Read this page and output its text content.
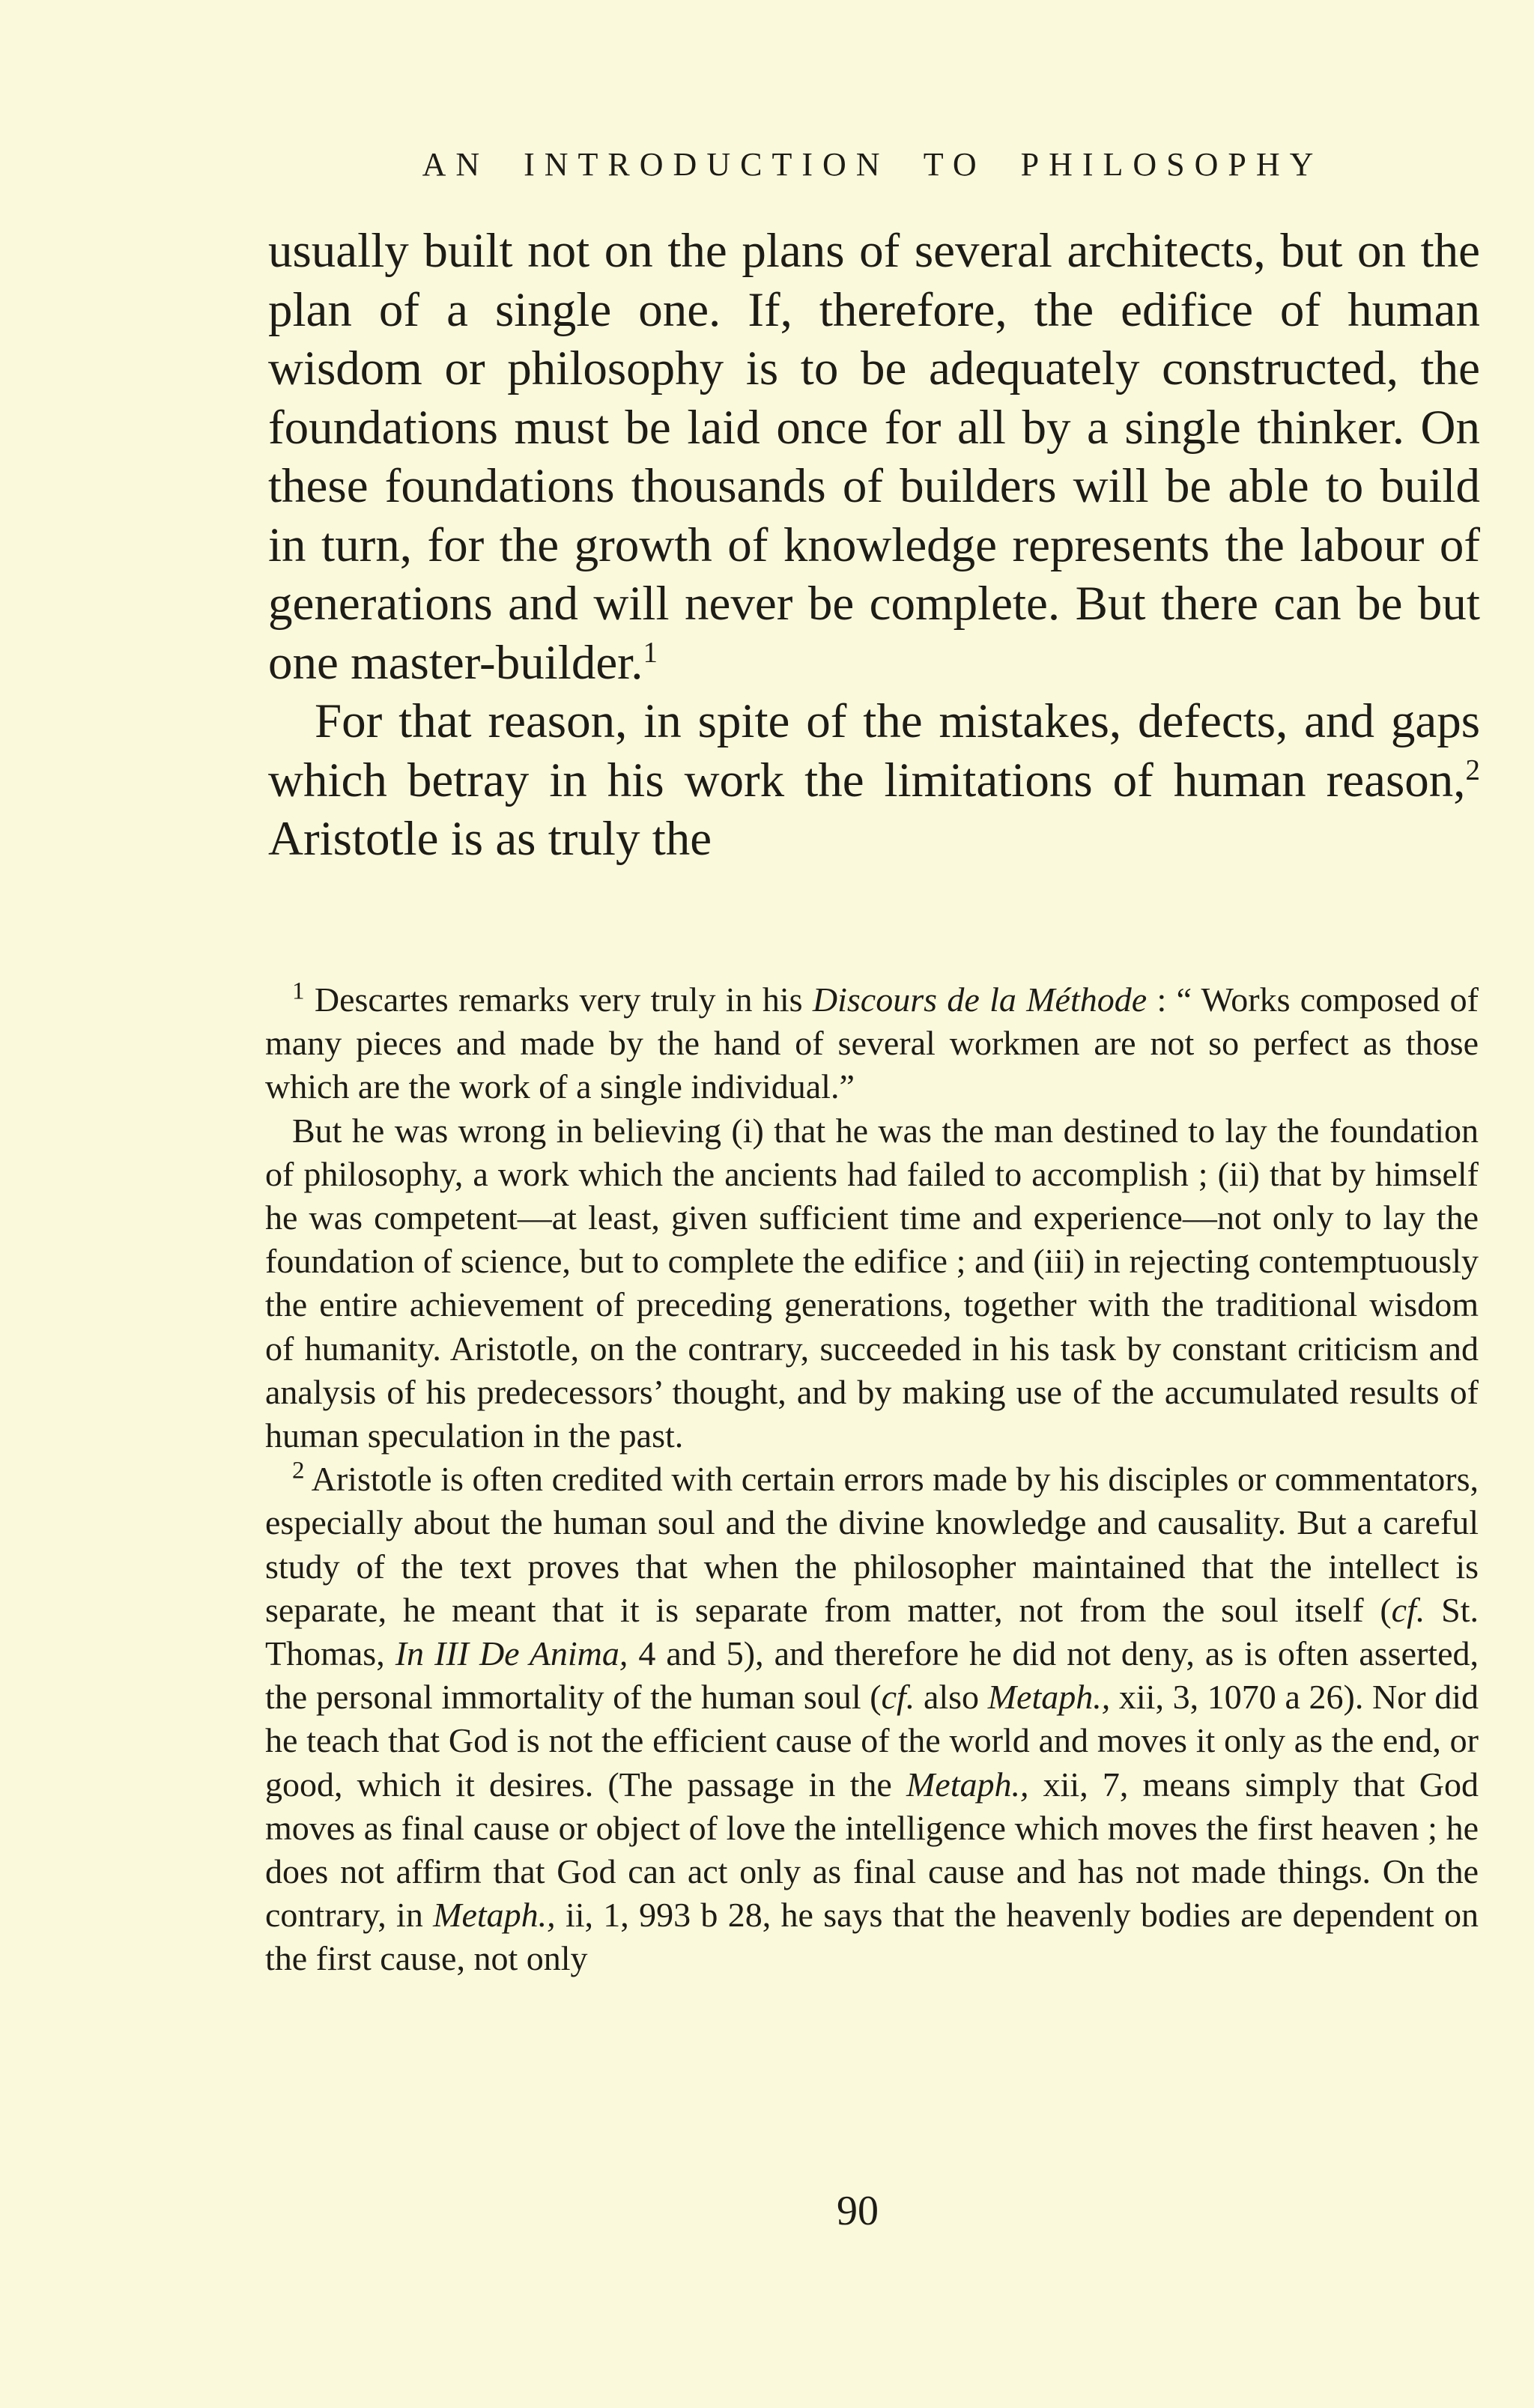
AN INTRODUCTION TO PHILOSOPHY

usually built not on the plans of several architects, but on the plan of a single one. If, therefore, the edifice of human wisdom or philosophy is to be adequately constructed, the foundations must be laid once for all by a single thinker. On these foundations thousands of builders will be able to build in turn, for the growth of knowledge represents the labour of generations and will never be complete. But there can be but one master-builder.$^1$

For that reason, in spite of the mistakes, defects, and gaps which betray in his work the limitations of human reason,$^2$ Aristotle is as truly the

$^1$ Descartes remarks very truly in his Discours de la Méthode : “ Works composed of many pieces and made by the hand of several workmen are not so perfect as those which are the work of a single individual.”

But he was wrong in believing (i) that he was the man destined to lay the foundation of philosophy, a work which the ancients had failed to accomplish ; (ii) that by himself he was competent—at least, given sufficient time and experience—not only to lay the foundation of science, but to complete the edifice ; and (iii) in rejecting contemptuously the entire achievement of preceding generations, together with the traditional wisdom of humanity. Aristotle, on the contrary, succeeded in his task by constant criticism and analysis of his predecessors’ thought, and by making use of the accumulated results of human speculation in the past.

$^2$ Aristotle is often credited with certain errors made by his disciples or commentators, especially about the human soul and the divine knowledge and causality. But a careful study of the text proves that when the philosopher maintained that the intellect is separate, he meant that it is separate from matter, not from the soul itself (cf. St. Thomas, In III De Anima, 4 and 5), and therefore he did not deny, as is often asserted, the personal immortality of the human soul (cf. also Metaph., xii, 3, 1070 a 26). Nor did he teach that God is not the efficient cause of the world and moves it only as the end, or good, which it desires. (The passage in the Metaph., xii, 7, means simply that God moves as final cause or object of love the intelligence which moves the first heaven ; he does not affirm that God can act only as final cause and has not made things. On the contrary, in Metaph., ii, 1, 993 b 28, he says that the heavenly bodies are dependent on the first cause, not only

90
